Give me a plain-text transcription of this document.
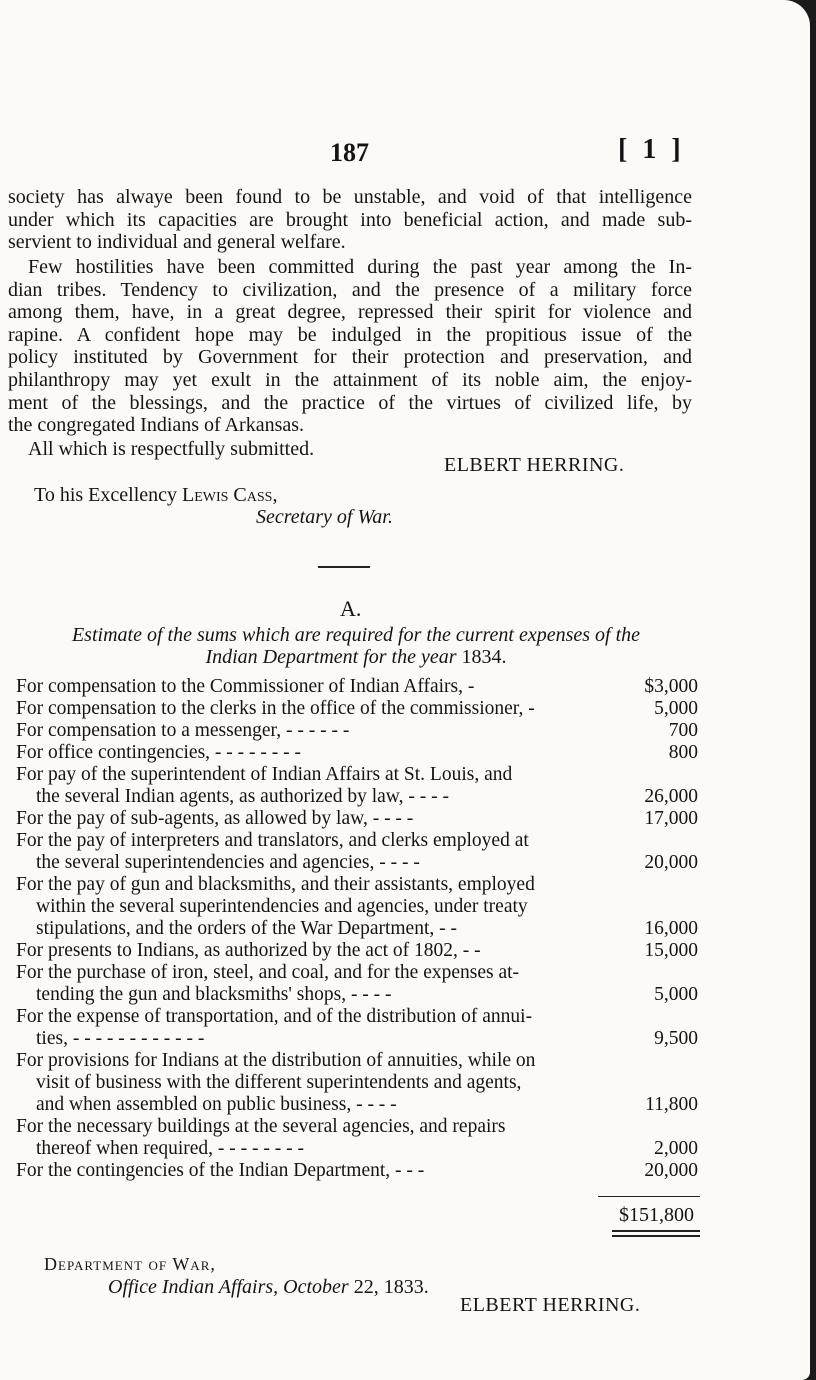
187	[ 1 ]
society has alwaye been found to be unstable, and void of that intelligence
under which its capacities are brought into beneficial action, and made sub-
servient to individual and general welfare.
Few hostilities have been committed during the past year among the In-
dian tribes. Tendency to civilization, and the presence of a military force
among them, have, in a great degree, repressed their spirit for violence and
rapine. A confident hope may be indulged in the propitious issue of the
policy instituted by Government for their protection and preservation, and
philanthropy may yet exult in the attainment of its noble aim, the enjoy-
ment of the blessings, and the practice of the virtues of civilized life, by
the congregated Indians of Arkansas.
All which is respectfully submitted.
ELBERT HERRING.
To his Excellency Lewis Cass,
Secretary of War.
A.
Estimate of the sums which are required for the current expenses of the
Indian Department for the year 1834.
For compensation to the Commissioner of Indian Affairs, -	$3,000
For compensation to the clerks in the office of the commissioner, -	5,000
For compensation to a messenger, - - - - - -	700
For office contingencies, - - - - - - - -	800
For pay of the superintendent of Indian Affairs at St. Louis, and
the several Indian agents, as authorized by law, - - - -	26,000
For the pay of sub-agents, as allowed by law, - - - -	17,000
For the pay of interpreters and translators, and clerks employed at
the several superintendencies and agencies, - - - -	20,000
For the pay of gun and blacksmiths, and their assistants, employed
within the several superintendencies and agencies, under treaty
stipulations, and the orders of the War Department, - -	16,000
For presents to Indians, as authorized by the act of 1802, - -	15,000
For the purchase of iron, steel, and coal, and for the expenses at-
tending the gun and blacksmiths' shops, - - - -	5,000
For the expense of transportation, and of the distribution of annui-
ties, - - - - - - - - - - - -	9,500
For provisions for Indians at the distribution of annuities, while on
visit of business with the different superintendents and agents,
and when assembled on public business, - - - -	11,800
For the necessary buildings at the several agencies, and repairs
thereof when required, - - - - - - - -	2,000
For the contingencies of the Indian Department, - - -	20,000
$151,800
Department of War,
Office Indian Affairs, October 22, 1833.
ELBERT HERRING.
